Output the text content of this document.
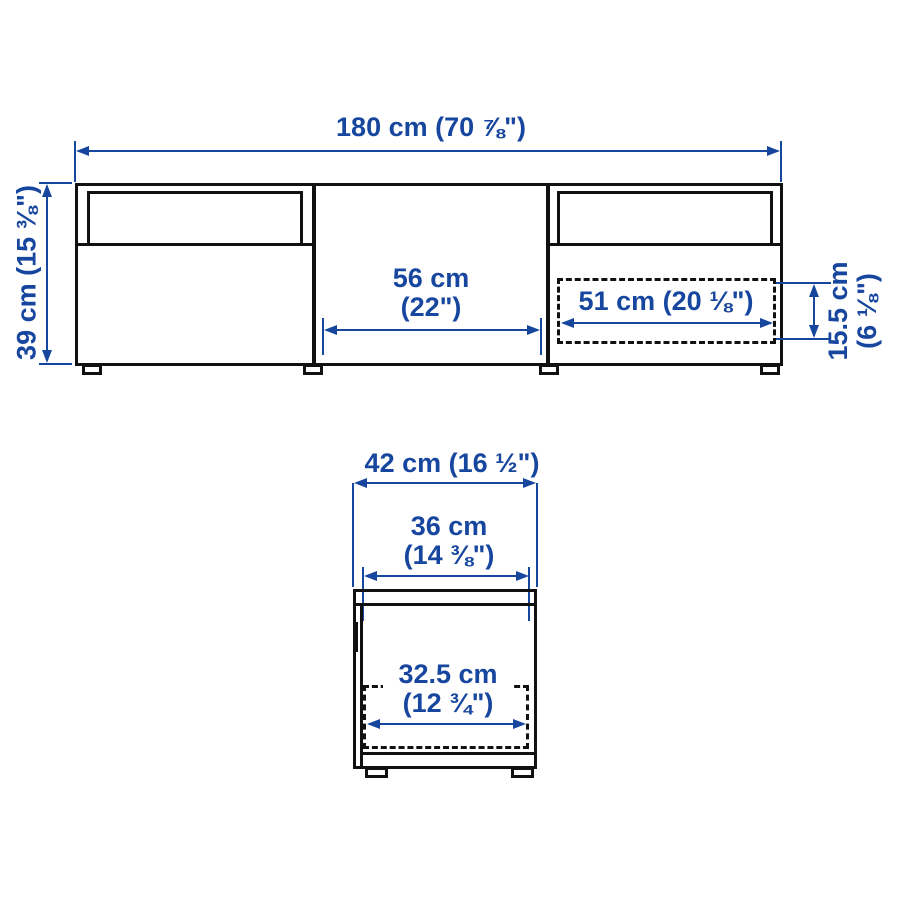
180 cm (70 ⅞")
39 cm (15 ⅜")	56 cm
(22")	51 cm (20 ⅛")	15.5 cm (6 ⅛")
42 cm (16 ½")
36 cm
(14 ⅜")
32.5 cm
(12 ¾")
